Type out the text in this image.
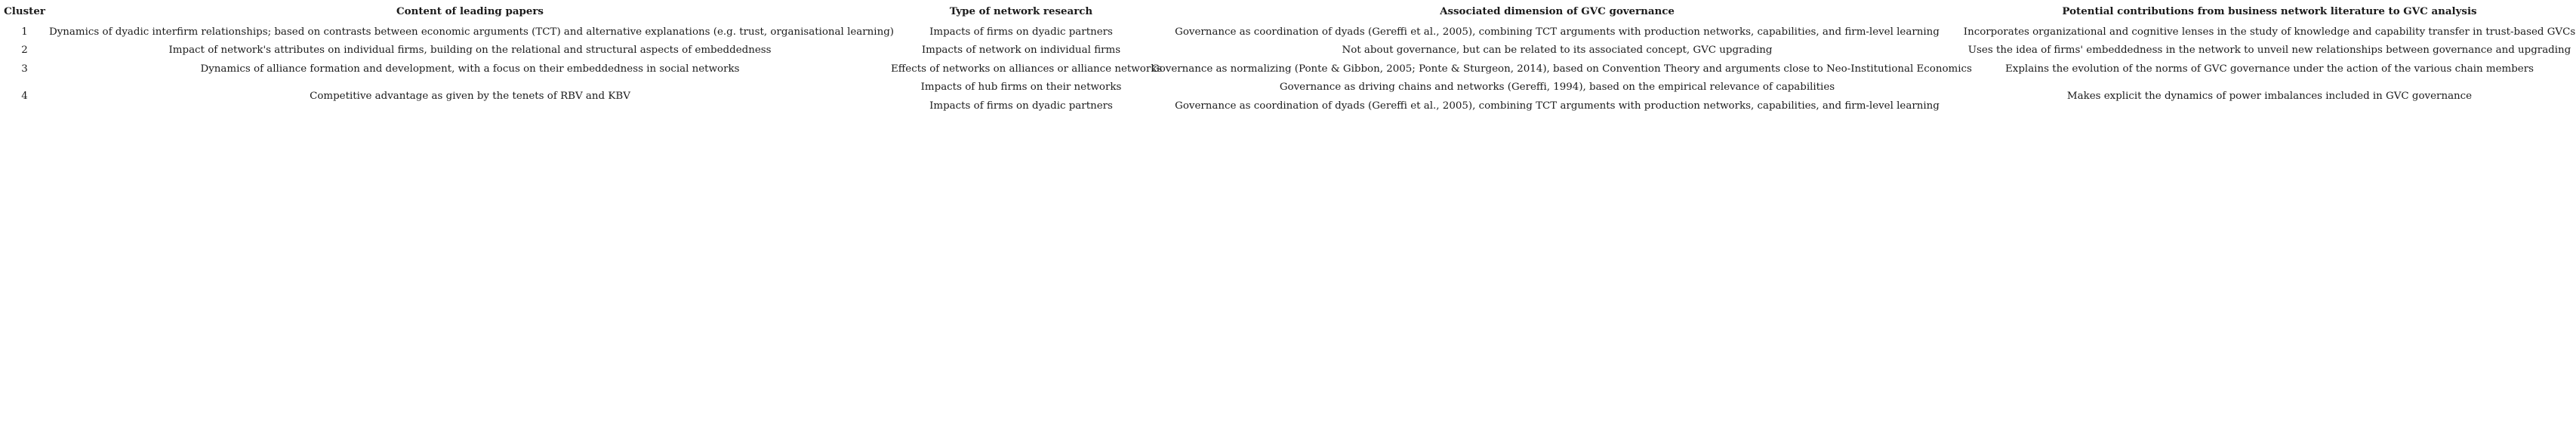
Cluster	Content of leading papers	Type of network research	Associated dimension of GVC governance	Potential contributions from business network literature to GVC analysis
1	Dynamics of dyadic interfirm relationships; based on contrasts between economic arguments (TCT) and alternative explanations (e.g. trust, organisational learning)	Impacts of firms on dyadic partners	Governance as coordination of dyads (Gereffi et al., 2005), combining TCT arguments with production networks, capabilities, and firm-level learning	Incorporates organizational and cognitive lenses in the study of knowledge and capability transfer in trust-based GVCs
2	Impact of network's attributes on individual firms, building on the relational and structural aspects of embeddedness	Impacts of network on individual firms	Not about governance, but can be related to its associated concept, GVC upgrading	Uses the idea of firms' embeddedness in the network to unveil new relationships between governance and upgrading
3	Dynamics of alliance formation and development, with a focus on their embeddedness in social networks	Effects of networks on alliances or alliance networks	Governance as normalizing (Ponte & Gibbon, 2005; Ponte & Sturgeon, 2014), based on Convention Theory and arguments close to Neo-Institutional Economics	Explains the evolution of the norms of GVC governance under the action of the various chain members
4	Competitive advantage as given by the tenets of RBV and KBV	Impacts of hub firms on their networks	Governance as driving chains and networks (Gereffi, 1994), based on the empirical relevance of capabilities	Makes explicit the dynamics of power imbalances included in GVC governance
		Impacts of firms on dyadic partners	Governance as coordination of dyads (Gereffi et al., 2005), combining TCT arguments with production networks, capabilities, and firm-level learning	
